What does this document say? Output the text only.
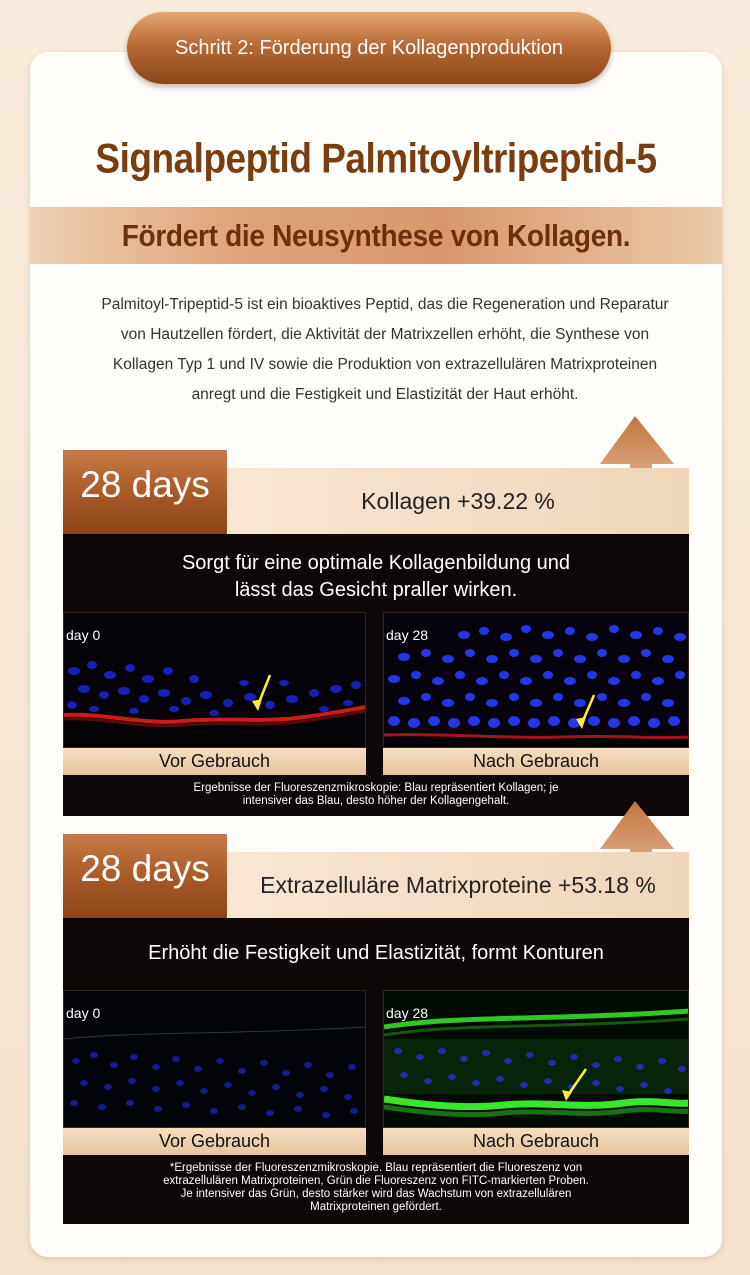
Schritt 2: Förderung der Kollagenproduktion
Signalpeptid Palmitoyltripeptid-5
Fördert die Neusynthese von Kollagen.
Palmitoyl-Tripeptid-5 ist ein bioaktives Peptid, das die Regeneration und Reparatur von Hautzellen fördert, die Aktivität der Matrixzellen erhöht, die Synthese von Kollagen Typ 1 und IV sowie die Produktion von extrazellulären Matrixproteinen anregt und die Festigkeit und Elastizität der Haut erhöht.
28 days	Kollagen +39.22 %
Sorgt für eine optimale Kollagenbildung und
lässt das Gesicht praller wirken.
day 0
Vor Gebrauch
day 28
Nach Gebrauch
Ergebnisse der Fluoreszenzmikroskopie: Blau repräsentiert Kollagen; je
intensiver das Blau, desto höher der Kollagengehalt.
28 days	Extrazelluläre Matrixproteine +53.18 %
Erhöht die Festigkeit und Elastizität, formt Konturen
day 0
Vor Gebrauch
day 28
Nach Gebrauch
*Ergebnisse der Fluoreszenzmikroskopie. Blau repräsentiert die Fluoreszenz von
extrazellulären Matrixproteinen, Grün die Fluoreszenz von FITC-markierten Proben.
Je intensiver das Grün, desto stärker wird das Wachstum von extrazellulären
Matrixproteinen gefördert.
